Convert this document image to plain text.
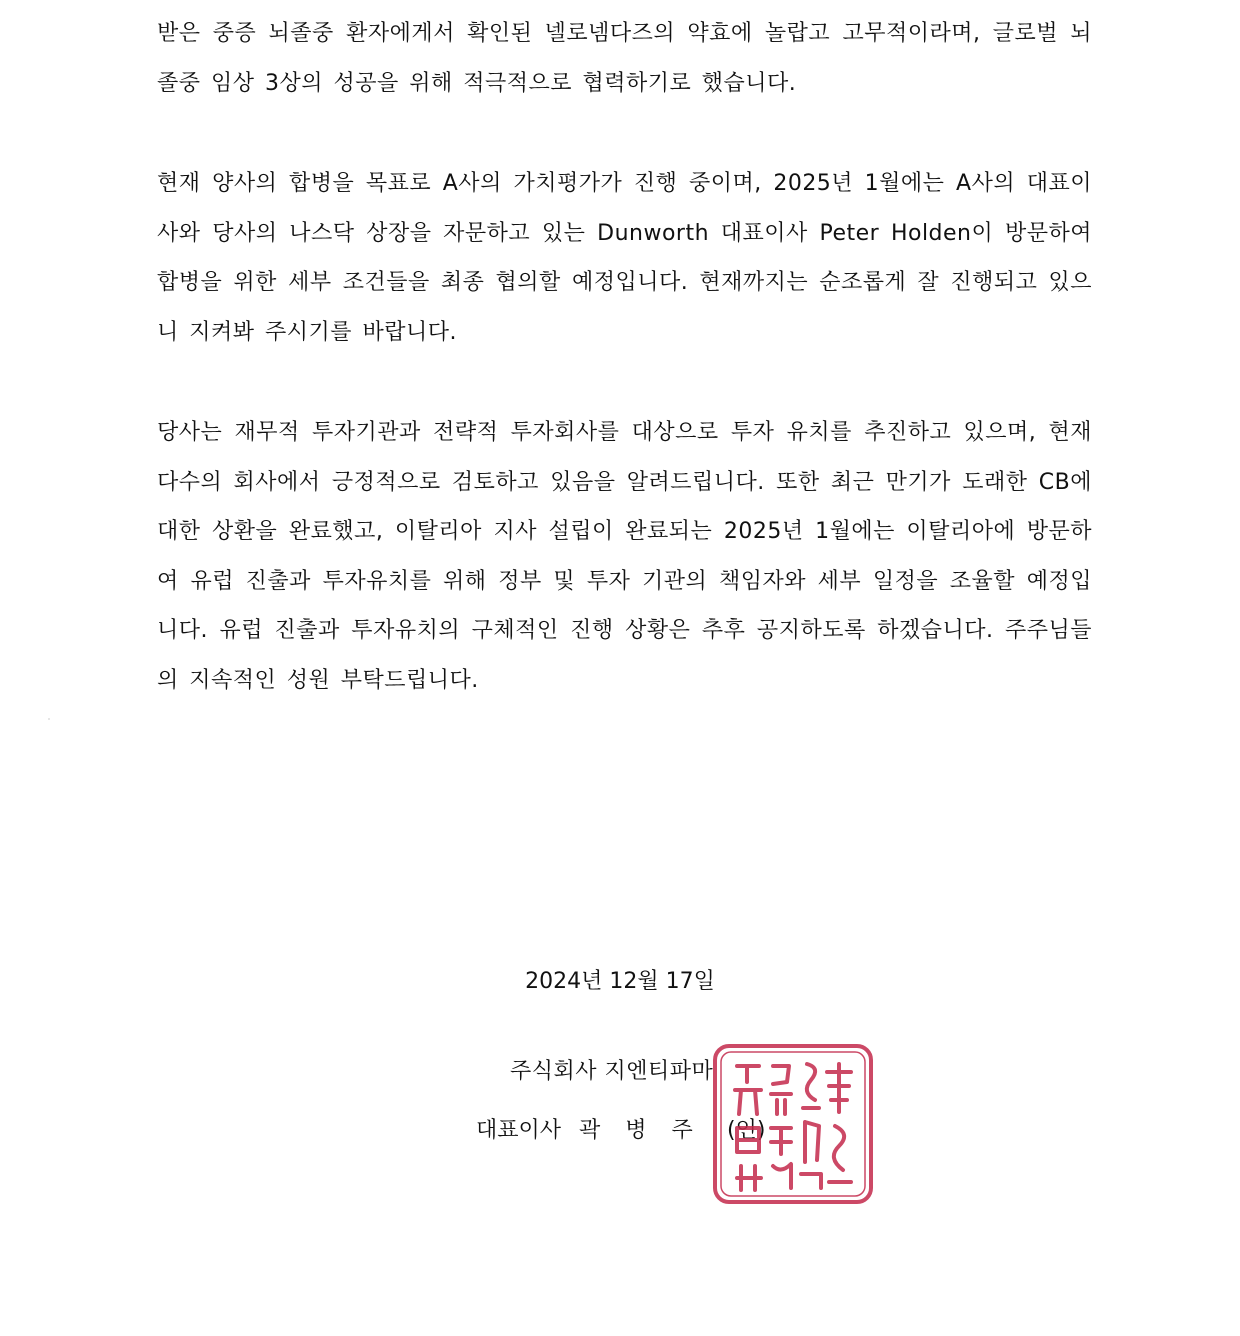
받은 중증 뇌졸중 환자에게서 확인된 넬로넴다즈의 약효에 놀랍고 고무적이라며, 글로벌 뇌졸중 임상 3상의 성공을 위해 적극적으로 협력하기로 했습니다.

현재 양사의 합병을 목표로 A사의 가치평가가 진행 중이며, 2025년 1월에는 A사의 대표이사와 당사의 나스닥 상장을 자문하고 있는 Dunworth 대표이사 Peter Holden이 방문하여 합병을 위한 세부 조건들을 최종 협의할 예정입니다. 현재까지는 순조롭게 잘 진행되고 있으니 지켜봐 주시기를 바랍니다.

당사는 재무적 투자기관과 전략적 투자회사를 대상으로 투자 유치를 추진하고 있으며, 현재 다수의 회사에서 긍정적으로 검토하고 있음을 알려드립니다. 또한 최근 만기가 도래한 CB에 대한 상환을 완료했고, 이탈리아 지사 설립이 완료되는 2025년 1월에는 이탈리아에 방문하여 유럽 진출과 투자유치를 위해 정부 및 투자 기관의 책임자와 세부 일정을 조율할 예정입니다. 유럽 진출과 투자유치의 구체적인 진행 상황은 추후 공지하도록 하겠습니다. 주주님들의 지속적인 성원 부탁드립니다.

2024년 12월 17일
주식회사 지엔티파마
대표이사 곽 병 주 (인)
